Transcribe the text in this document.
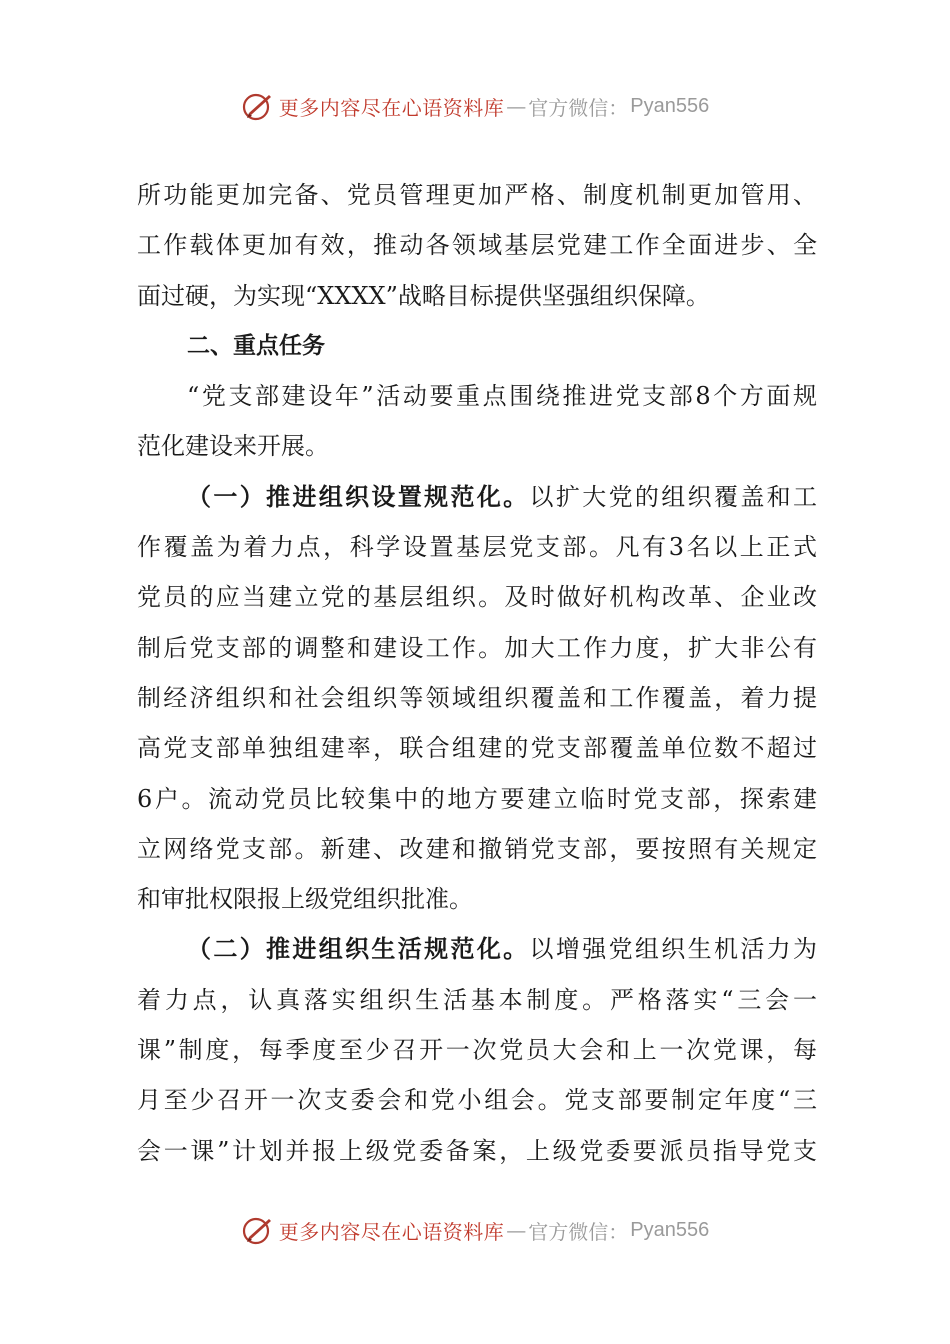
更多内容尽在心语资料库 — 官方微信： Pyan556
所功能更加完备、党员管理更加严格、制度机制更加管用、
工作载体更加有效，推动各领域基层党建工作全面进步、全
面过硬，为实现“XXXX”战略目标提供坚强组织保障。
二、重点任务
“党支部建设年”活动要重点围绕推进党支部8个方面规
范化建设来开展。
（一）推进组织设置规范化。以扩大党的组织覆盖和工
作覆盖为着力点，科学设置基层党支部。凡有3名以上正式
党员的应当建立党的基层组织。及时做好机构改革、企业改
制后党支部的调整和建设工作。加大工作力度，扩大非公有
制经济组织和社会组织等领域组织覆盖和工作覆盖，着力提
高党支部单独组建率，联合组建的党支部覆盖单位数不超过
6户。流动党员比较集中的地方要建立临时党支部，探索建
立网络党支部。新建、改建和撤销党支部，要按照有关规定
和审批权限报上级党组织批准。
（二）推进组织生活规范化。以增强党组织生机活力为
着力点，认真落实组织生活基本制度。严格落实“三会一
课”制度，每季度至少召开一次党员大会和上一次党课，每
月至少召开一次支委会和党小组会。党支部要制定年度“三
会一课”计划并报上级党委备案，上级党委要派员指导党支
更多内容尽在心语资料库 — 官方微信： Pyan556
